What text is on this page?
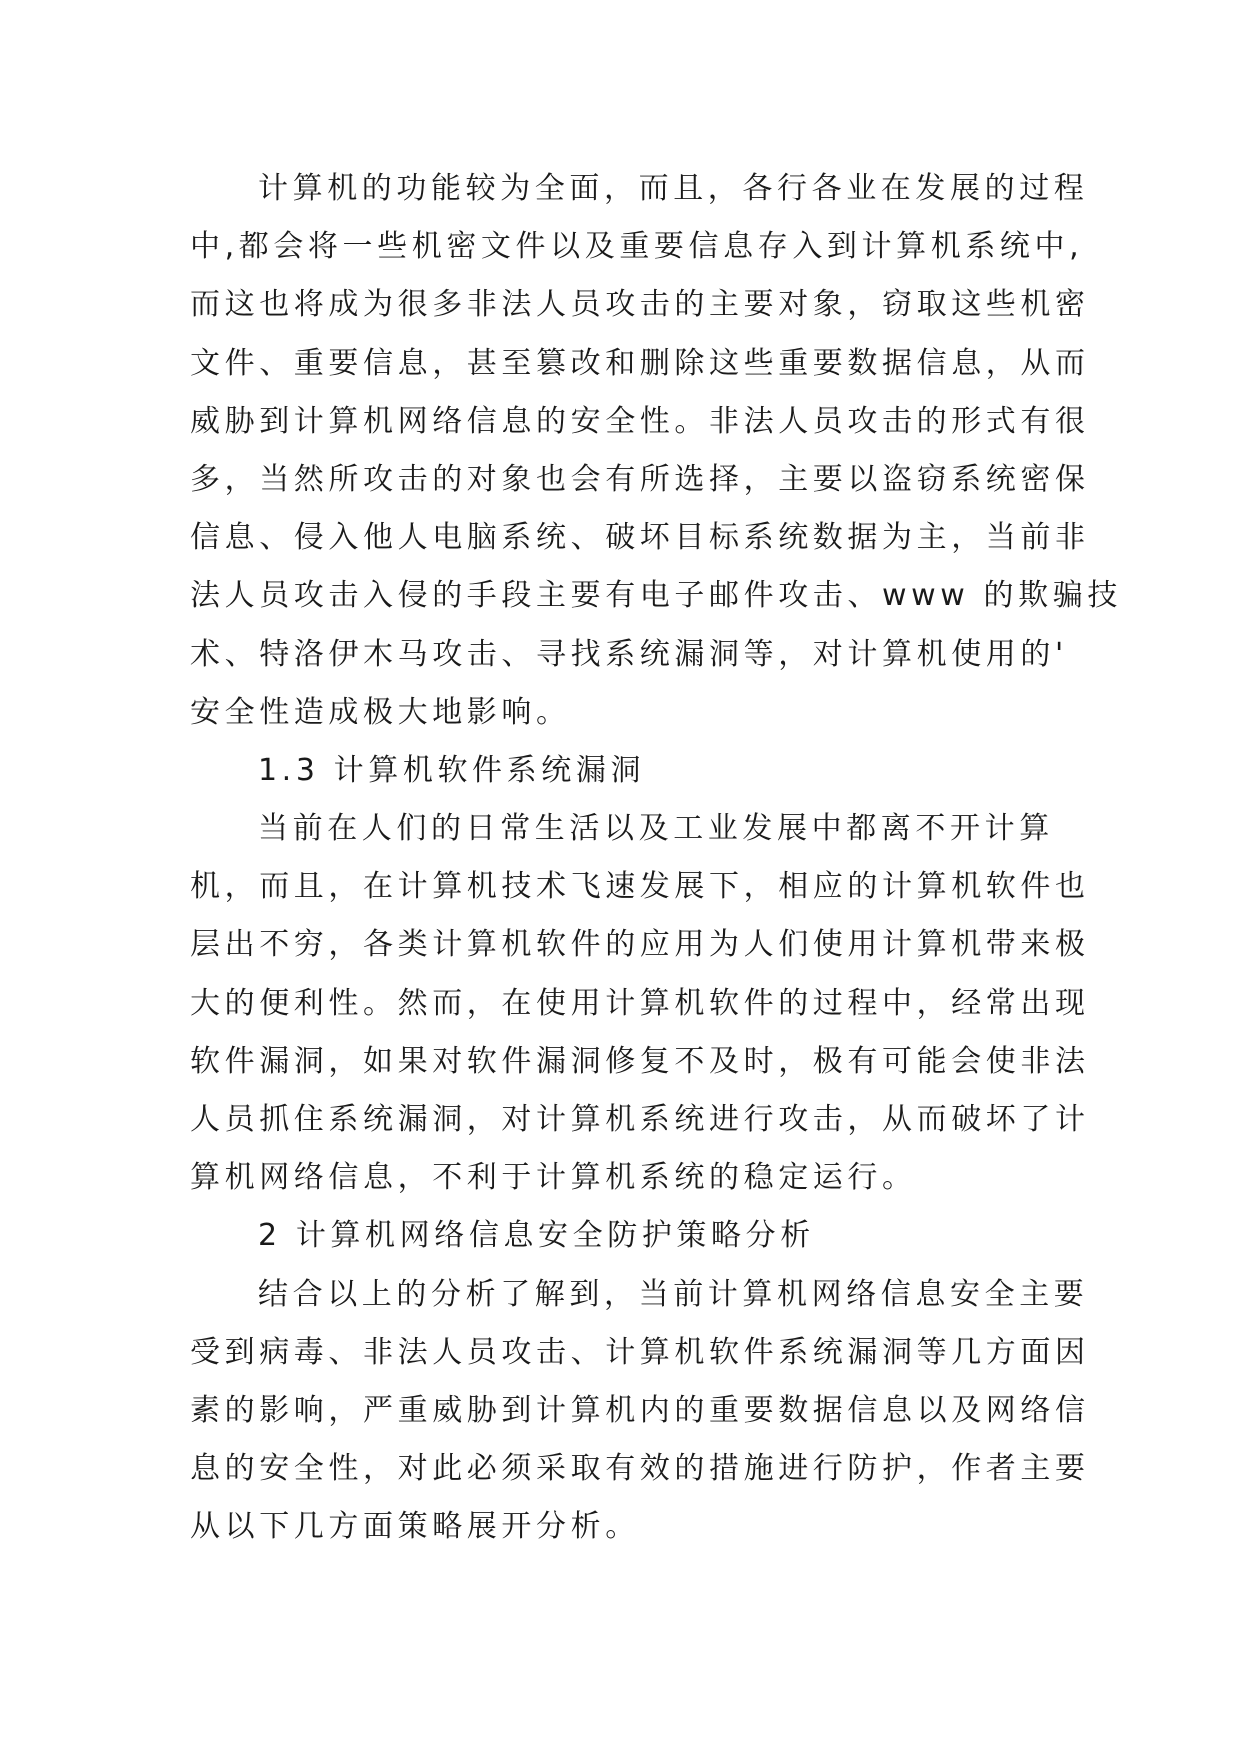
计算机的功能较为全面，而且，各行各业在发展的过程
中,都会将一些机密文件以及重要信息存入到计算机系统中,
而这也将成为很多非法人员攻击的主要对象，窃取这些机密
文件、重要信息，甚至篡改和删除这些重要数据信息，从而
威胁到计算机网络信息的安全性。非法人员攻击的形式有很
多，当然所攻击的对象也会有所选择，主要以盗窃系统密保
信息、侵入他人电脑系统、破坏目标系统数据为主，当前非
法人员攻击入侵的手段主要有电子邮件攻击、www 的欺骗技
术、特洛伊木马攻击、寻找系统漏洞等，对计算机使用的'
安全性造成极大地影响。
1.3 计算机软件系统漏洞
当前在人们的日常生活以及工业发展中都离不开计算
机，而且，在计算机技术飞速发展下，相应的计算机软件也
层出不穷，各类计算机软件的应用为人们使用计算机带来极
大的便利性。然而，在使用计算机软件的过程中，经常出现
软件漏洞，如果对软件漏洞修复不及时，极有可能会使非法
人员抓住系统漏洞，对计算机系统进行攻击，从而破坏了计
算机网络信息，不利于计算机系统的稳定运行。
2 计算机网络信息安全防护策略分析
结合以上的分析了解到，当前计算机网络信息安全主要
受到病毒、非法人员攻击、计算机软件系统漏洞等几方面因
素的影响，严重威胁到计算机内的重要数据信息以及网络信
息的安全性，对此必须采取有效的措施进行防护，作者主要
从以下几方面策略展开分析。
